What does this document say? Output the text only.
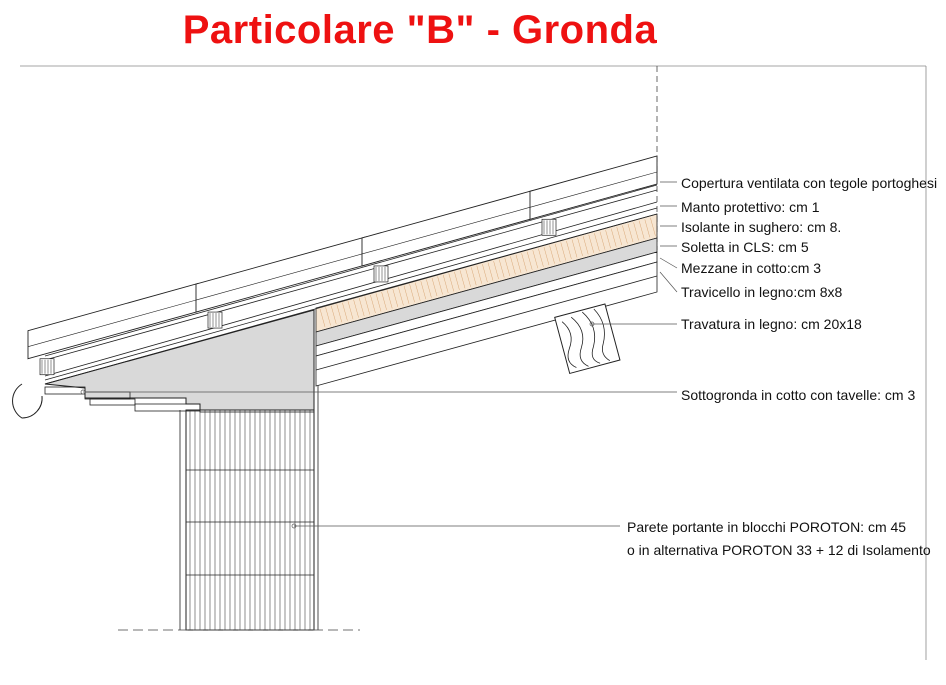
Particolare "B" - Gronda
Copertura ventilata con tegole portoghesi
Manto protettivo: cm 1
Isolante in sughero: cm 8.
Soletta in CLS: cm 5
Mezzane in cotto:cm 3
Travicello in legno:cm 8x8
Travatura in legno: cm 20x18
Sottogronda in cotto con tavelle: cm 3
Parete portante in blocchi POROTON: cm 45
o in alternativa POROTON 33 + 12 di Isolamento
